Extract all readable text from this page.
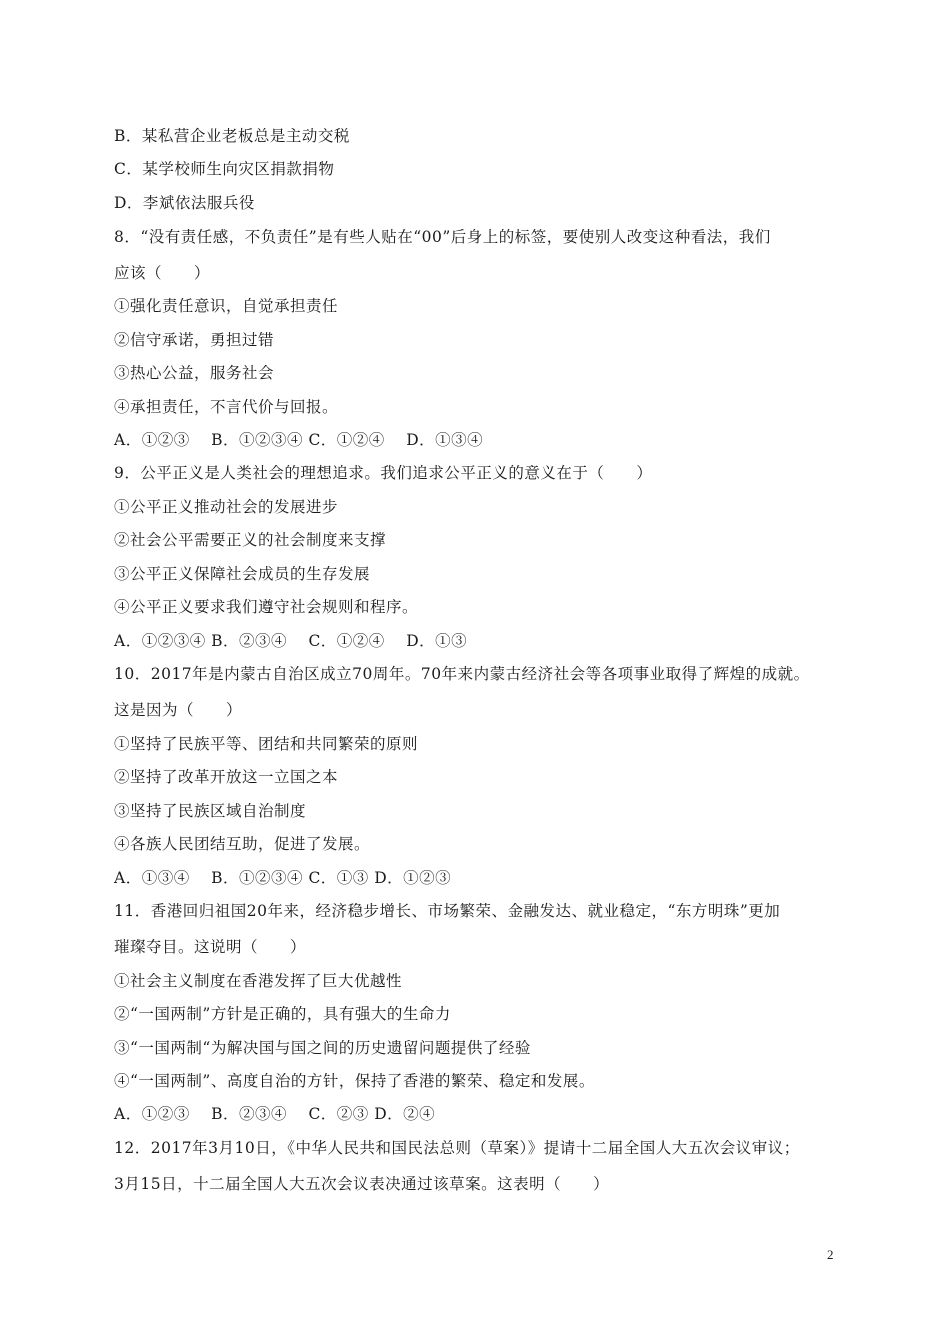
B．某私营企业老板总是主动交税
C．某学校师生向灾区捐款捐物
D．李斌依法服兵役
8．“没有责任感，不负责任”是有些人贴在“00”后身上的标签，要使别人改变这种看法，我们
应该（　　）
①强化责任意识，自觉承担责任
②信守承诺，勇担过错
③热心公益，服务社会
④承担责任，不言代价与回报。
A．①②③　 B．①②③④ C．①②④　 D．①③④
9．公平正义是人类社会的理想追求。我们追求公平正义的意义在于（　　）
①公平正义推动社会的发展进步
②社会公平需要正义的社会制度来支撑
③公平正义保障社会成员的生存发展
④公平正义要求我们遵守社会规则和程序。
A．①②③④ B．②③④　 C．①②④　 D．①③
10．2017年是内蒙古自治区成立70周年。70年来内蒙古经济社会等各项事业取得了辉煌的成就。
这是因为（　　）
①坚持了民族平等、团结和共同繁荣的原则
②坚持了改革开放这一立国之本
③坚持了民族区域自治制度
④各族人民团结互助，促进了发展。
A．①③④　 B．①②③④ C．①③ D．①②③
11．香港回归祖国20年来，经济稳步增长、市场繁荣、金融发达、就业稳定，“东方明珠”更加
璀璨夺目。这说明（　　）
①社会主义制度在香港发挥了巨大优越性
②“一国两制”方针是正确的，具有强大的生命力
③“一国两制“为解决国与国之间的历史遗留问题提供了经验
④“一国两制”、高度自治的方针，保持了香港的繁荣、稳定和发展。
A．①②③　 B．②③④　 C．②③ D．②④
12．2017年3月10日，《中华人民共和国民法总则（草案）》提请十二届全国人大五次会议审议；
3月15日，十二届全国人大五次会议表决通过该草案。这表明（　　）
2
